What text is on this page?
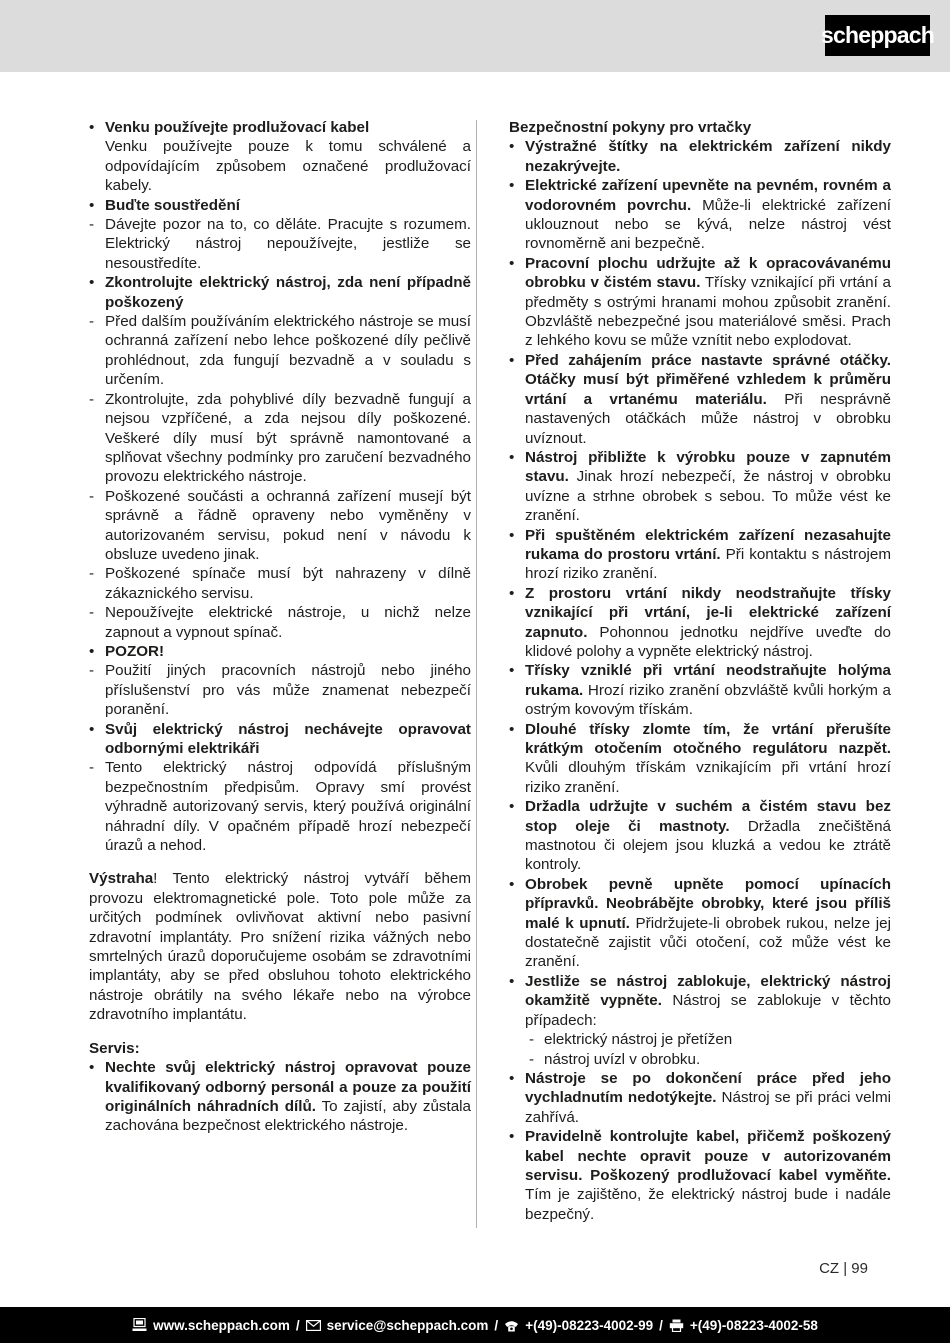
scheppach
• Venku používejte prodlužovací kabel
Venku používejte pouze k tomu schválené a odpovídajícím způsobem označené prodlužovací kabely.
• Buďte soustředění
- Dávejte pozor na to, co děláte. Pracujte s rozumem. Elektrický nástroj nepoužívejte, jestliže se nesoustředíte.
• Zkontrolujte elektrický nástroj, zda není případně poškozený
- Před dalším používáním elektrického nástroje se musí ochranná zařízení nebo lehce poškozené díly pečlivě prohlédnout, zda fungují bezvadně a v souladu s určením.
- Zkontrolujte, zda pohyblivé díly bezvadně fungují a nejsou vzpříčené, a zda nejsou díly poškozené. Veškeré díly musí být správně namontované a splňovat všechny podmínky pro zaručení bezvadného provozu elektrického nástroje.
- Poškozené součásti a ochranná zařízení musejí být správně a řádně opraveny nebo vyměněny v autorizovaném servisu, pokud není v návodu k obsluze uvedeno jinak.
- Poškozené spínače musí být nahrazeny v dílně zákaznického servisu.
- Nepoužívejte elektrické nástroje, u nichž nelze zapnout a vypnout spínač.
• POZOR!
- Použití jiných pracovních nástrojů nebo jiného příslušenství pro vás může znamenat nebezpečí poranění.
• Svůj elektrický nástroj nechávejte opravovat odbornými elektrikáři
- Tento elektrický nástroj odpovídá příslušným bezpečnostním předpisům. Opravy smí provést výhradně autorizovaný servis, který používá originální náhradní díly. V opačném případě hrozí nebezpečí úrazů a nehod.
Výstraha! Tento elektrický nástroj vytváří během provozu elektromagnetické pole. Toto pole může za určitých podmínek ovlivňovat aktivní nebo pasivní zdravotní implantáty. Pro snížení rizika vážných nebo smrtelných úrazů doporučujeme osobám se zdravotními implantáty, aby se před obsluhou tohoto elektrického nástroje obrátily na svého lékaře nebo na výrobce zdravotního implantátu.
Servis:
• Nechte svůj elektrický nástroj opravovat pouze kvalifikovaný odborný personál a pouze za použití originálních náhradních dílů. To zajistí, aby zůstala zachována bezpečnost elektrického nástroje.
Bezpečnostní pokyny pro vrtačky
• Výstražné štítky na elektrickém zařízení nikdy nezakrývejte.
• Elektrické zařízení upevněte na pevném, rovném a vodorovném povrchu. Může-li elektrické zařízení uklouznout nebo se kývá, nelze nástroj vést rovnoměrně ani bezpečně.
• Pracovní plochu udržujte až k opracovávanému obrobku v čistém stavu. Třísky vznikající při vrtání a předměty s ostrými hranami mohou způsobit zranění. Obzvláště nebezpečné jsou materiálové směsi. Prach z lehkého kovu se může vznítit nebo explodovat.
• Před zahájením práce nastavte správné otáčky. Otáčky musí být přiměřené vzhledem k průměru vrtání a vrtanému materiálu. Při nesprávně nastavených otáčkách může nástroj v obrobku uvíznout.
• Nástroj přibližte k výrobku pouze v zapnutém stavu. Jinak hrozí nebezpečí, že nástroj v obrobku uvízne a strhne obrobek s sebou. To může vést ke zranění.
• Při spuštěném elektrickém zařízení nezasahujte rukama do prostoru vrtání. Při kontaktu s nástrojem hrozí riziko zranění.
• Z prostoru vrtání nikdy neodstraňujte třísky vznikající při vrtání, je-li elektrické zařízení zapnuto. Pohonnou jednotku nejdříve uveďte do klidové polohy a vypněte elektrický nástroj.
• Třísky vzniklé při vrtání neodstraňujte holýma rukama. Hrozí riziko zranění obzvláště kvůli horkým a ostrým kovovým třískám.
• Dlouhé třísky zlomte tím, že vrtání přerušíte krátkým otočením otočného regulátoru nazpět. Kvůli dlouhým třískám vznikajícím při vrtání hrozí riziko zranění.
• Držadla udržujte v suchém a čistém stavu bez stop oleje či mastnoty. Držadla znečištěná mastnotou či olejem jsou kluzká a vedou ke ztrátě kontroly.
• Obrobek pevně upněte pomocí upínacích přípravků. Neobrábějte obrobky, které jsou příliš malé k upnutí. Přidržujete-li obrobek rukou, nelze jej dostatečně zajistit vůči otočení, což může vést ke zranění.
• Jestliže se nástroj zablokuje, elektrický nástroj okamžitě vypněte. Nástroj se zablokuje v těchto případech:
- elektrický nástroj je přetížen
- nástroj uvízl v obrobku.
• Nástroje se po dokončení práce před jeho vychladnutím nedotýkejte. Nástroj se při práci velmi zahřívá.
• Pravidelně kontrolujte kabel, přičemž poškozený kabel nechte opravit pouze v autorizovaném servisu. Poškozený prodlužovací kabel vyměňte. Tím je zajištěno, že elektrický nástroj bude i nadále bezpečný.
CZ | 99
www.scheppach.com / service@scheppach.com / +(49)-08223-4002-99 / +(49)-08223-4002-58
